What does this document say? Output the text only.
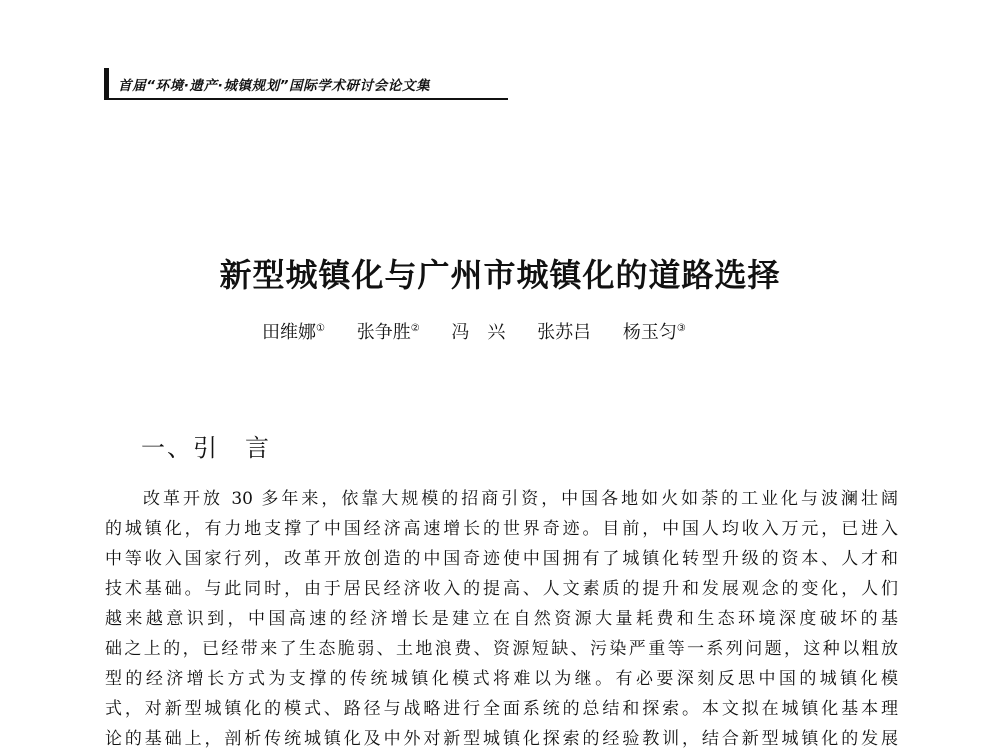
首届“环境·遗产·城镇规划”国际学术研讨会论文集
新型城镇化与广州市城镇化的道路选择
田维娜① 张争胜② 冯　兴 张苏吕 杨玉匀③
一、引　言
改革开放 30 多年来，依靠大规模的招商引资，中国各地如火如荼的工业化与波澜壮阔
的城镇化，有力地支撑了中国经济高速增长的世界奇迹。目前，中国人均收入万元，已进入
中等收入国家行列，改革开放创造的中国奇迹使中国拥有了城镇化转型升级的资本、人才和
技术基础。与此同时，由于居民经济收入的提高、人文素质的提升和发展观念的变化，人们
越来越意识到，中国高速的经济增长是建立在自然资源大量耗费和生态环境深度破坏的基
础之上的，已经带来了生态脆弱、土地浪费、资源短缺、污染严重等一系列问题，这种以粗放
型的经济增长方式为支撑的传统城镇化模式将难以为继。有必要深刻反思中国的城镇化模
式，对新型城镇化的模式、路径与战略进行全面系统的总结和探索。本文拟在城镇化基本理
论的基础上，剖析传统城镇化及中外对新型城镇化探索的经验教训，结合新型城镇化的发展
